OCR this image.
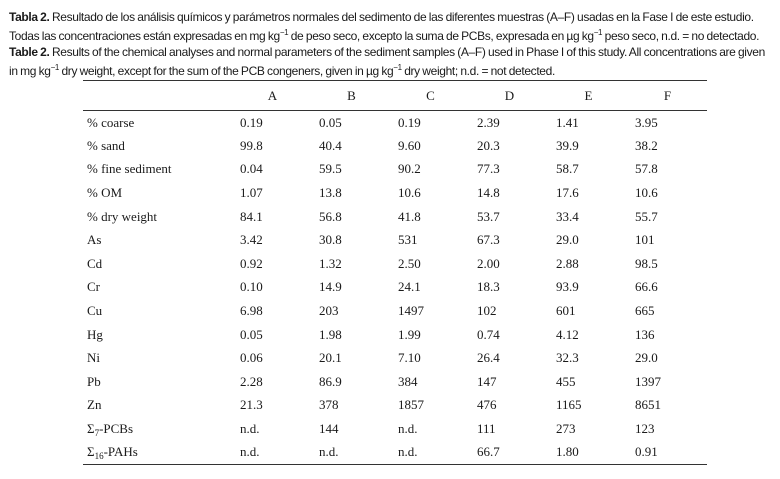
Tabla 2. Resultado de los análisis químicos y parámetros normales del sedimento de las diferentes muestras (A–F) usadas en la Fase I de este estudio.

Todas las concentraciones están expresadas en mg $kg^{-1}$ de peso seco, excepto la suma de PCBs, expresada en µg $kg^{-1}$ peso seco, n.d. = no detectado.

Table 2. Results of the chemical analyses and normal parameters of the sediment samples (A–F) used in Phase I of this study. All concentrations are given

in mg $kg^{-1}$ dry weight, except for the sum of the PCB congeners, given in µg $kg^{-1}$ dry weight; n.d. = not detected.

	A	B	C	D	E	F
% coarse	0.19	0.05	0.19	2.39	1.41	3.95
% sand	99.8	40.4	9.60	20.3	39.9	38.2
% fine sediment	0.04	59.5	90.2	77.3	58.7	57.8
% OM	1.07	13.8	10.6	14.8	17.6	10.6
% dry weight	84.1	56.8	41.8	53.7	33.4	55.7
As	3.42	30.8	531	67.3	29.0	101
Cd	0.92	1.32	2.50	2.00	2.88	98.5
Cr	0.10	14.9	24.1	18.3	93.9	66.6
Cu	6.98	203	1497	102	601	665
Hg	0.05	1.98	1.99	0.74	4.12	136
Ni	0.06	20.1	7.10	26.4	32.3	29.0
Pb	2.28	86.9	384	147	455	1397
Zn	21.3	378	1857	476	1165	8651
$\Sigma_7$-PCBs	n.d.	144	n.d.	111	273	123
$\Sigma_{16}$-PAHs	n.d.	n.d.	n.d.	66.7	1.80	0.91
